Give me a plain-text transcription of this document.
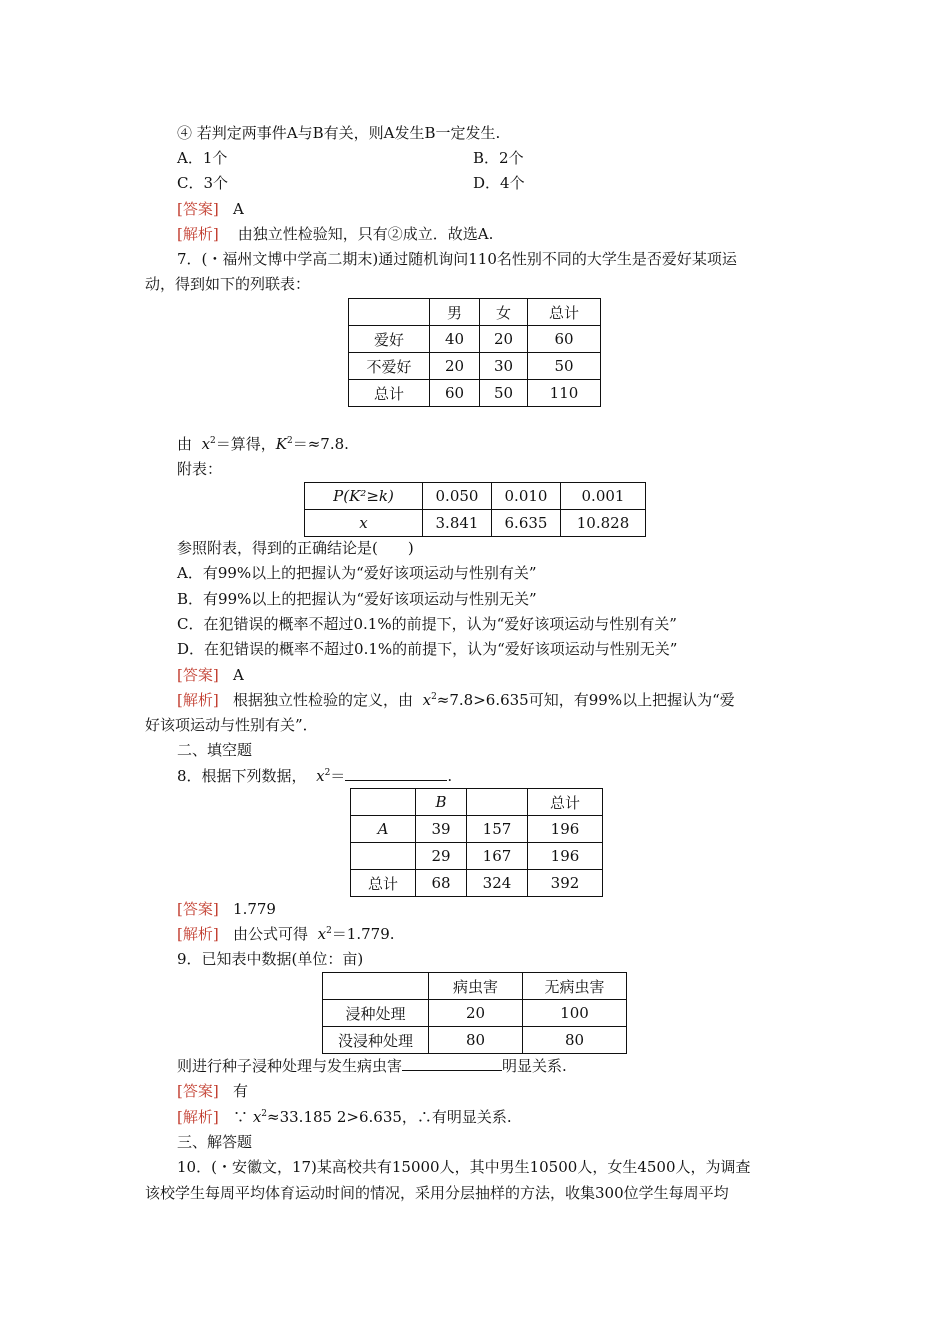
④ 若判定两事件A与B有关，则A发生B一定发生.
A．1个	B．2个
C．3个	D．4个
[答案] A
[解析] 由独立性检验知，只有②成立．故选A.
7．(・福州文博中学高二期末)通过随机询问110名性别不同的大学生是否爱好某项运
动，得到如下的列联表：
	男	女	总计
爱好	40	20	60
不爱好	20	30	50
总计	60	50	110
由 $x^2=$算得，$K^2=\approx 7.8$.
附表：
P(K²≥k)	0.050	0.010	0.001
x	3.841	6.635	10.828
参照附表，得到的正确结论是(　　)
A．有99%以上的把握认为“爱好该项运动与性别有关”
B．有99%以上的把握认为“爱好该项运动与性别无关”
C．在犯错误的概率不超过0.1%的前提下，认为“爱好该项运动与性别有关”
D．在犯错误的概率不超过0.1%的前提下，认为“爱好该项运动与性别无关”
[答案] A
[解析] 根据独立性检验的定义，由 $x^2\approx 7.8>6.635$可知，有99%以上把握认为“爱
好该项运动与性别有关”．
二、填空题
8．根据下列数据， $x^2=$	.
	B		总计
A	39	157	196
	29	167	196
总计	68	324	392
[答案] 1.779
[解析] 由公式可得 $x^2=1.779$.
9．已知表中数据(单位：亩)
	病虫害	无病虫害
浸种处理	20	100
没浸种处理	80	80
则进行种子浸种处理与发生病虫害	明显关系.
[答案] 有
[解析] ∵ $x^2\approx 33.185$ 2>6.635，∴有明显关系.
三、解答题
10．(・安徽文，17)某高校共有15000人，其中男生10500人，女生4500人，为调查
该校学生每周平均体育运动时间的情况，采用分层抽样的方法，收集300位学生每周平均
